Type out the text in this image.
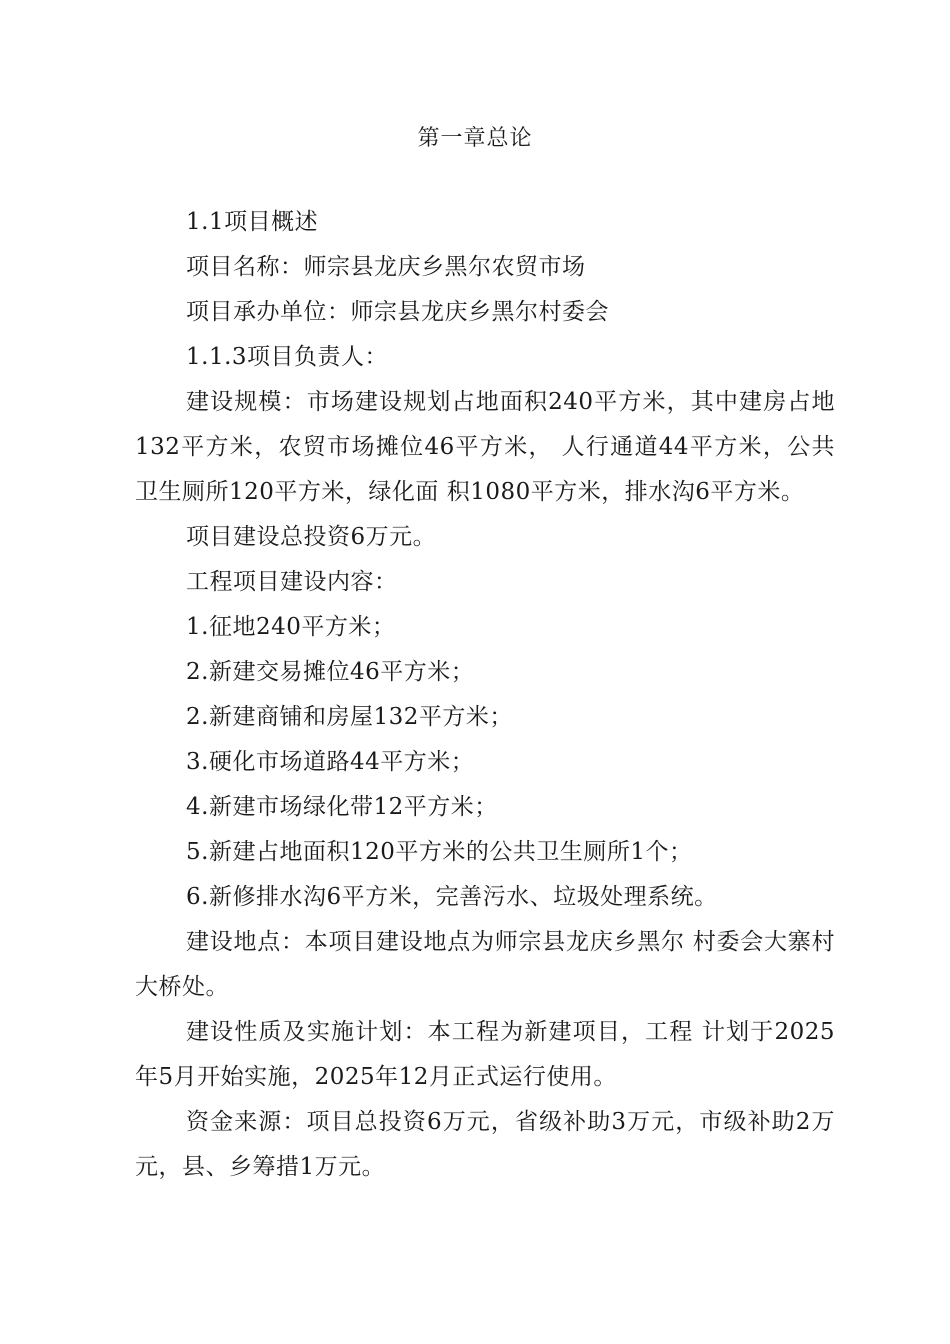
第一章总论

1.1项目概述

项目名称：师宗县龙庆乡黑尔农贸市场

项目承办单位：师宗县龙庆乡黑尔村委会

1.1.3项目负责人：

建设规模：市场建设规划占地面积240平方米，其中建房占地132平方米，农贸市场摊位46平方米， 人行通道44平方米，公共卫生厕所120平方米，绿化面 积1080平方米，排水沟6平方米。

项目建设总投资6万元。

工程项目建设内容：

1.征地240平方米；

2.新建交易摊位46平方米；

2.新建商铺和房屋132平方米；

3.硬化市场道路44平方米；

4.新建市场绿化带12平方米；

5.新建占地面积120平方米的公共卫生厕所1个；

6.新修排水沟6平方米，完善污水、垃圾处理系统。

建设地点：本项目建设地点为师宗县龙庆乡黑尔 村委会大寨村大桥处。

建设性质及实施计划：本工程为新建项目，工程 计划于2025年5月开始实施，2025年12月正式运行使用。

资金来源：项目总投资6万元，省级补助3万元，市级补助2万元，县、乡筹措1万元。
